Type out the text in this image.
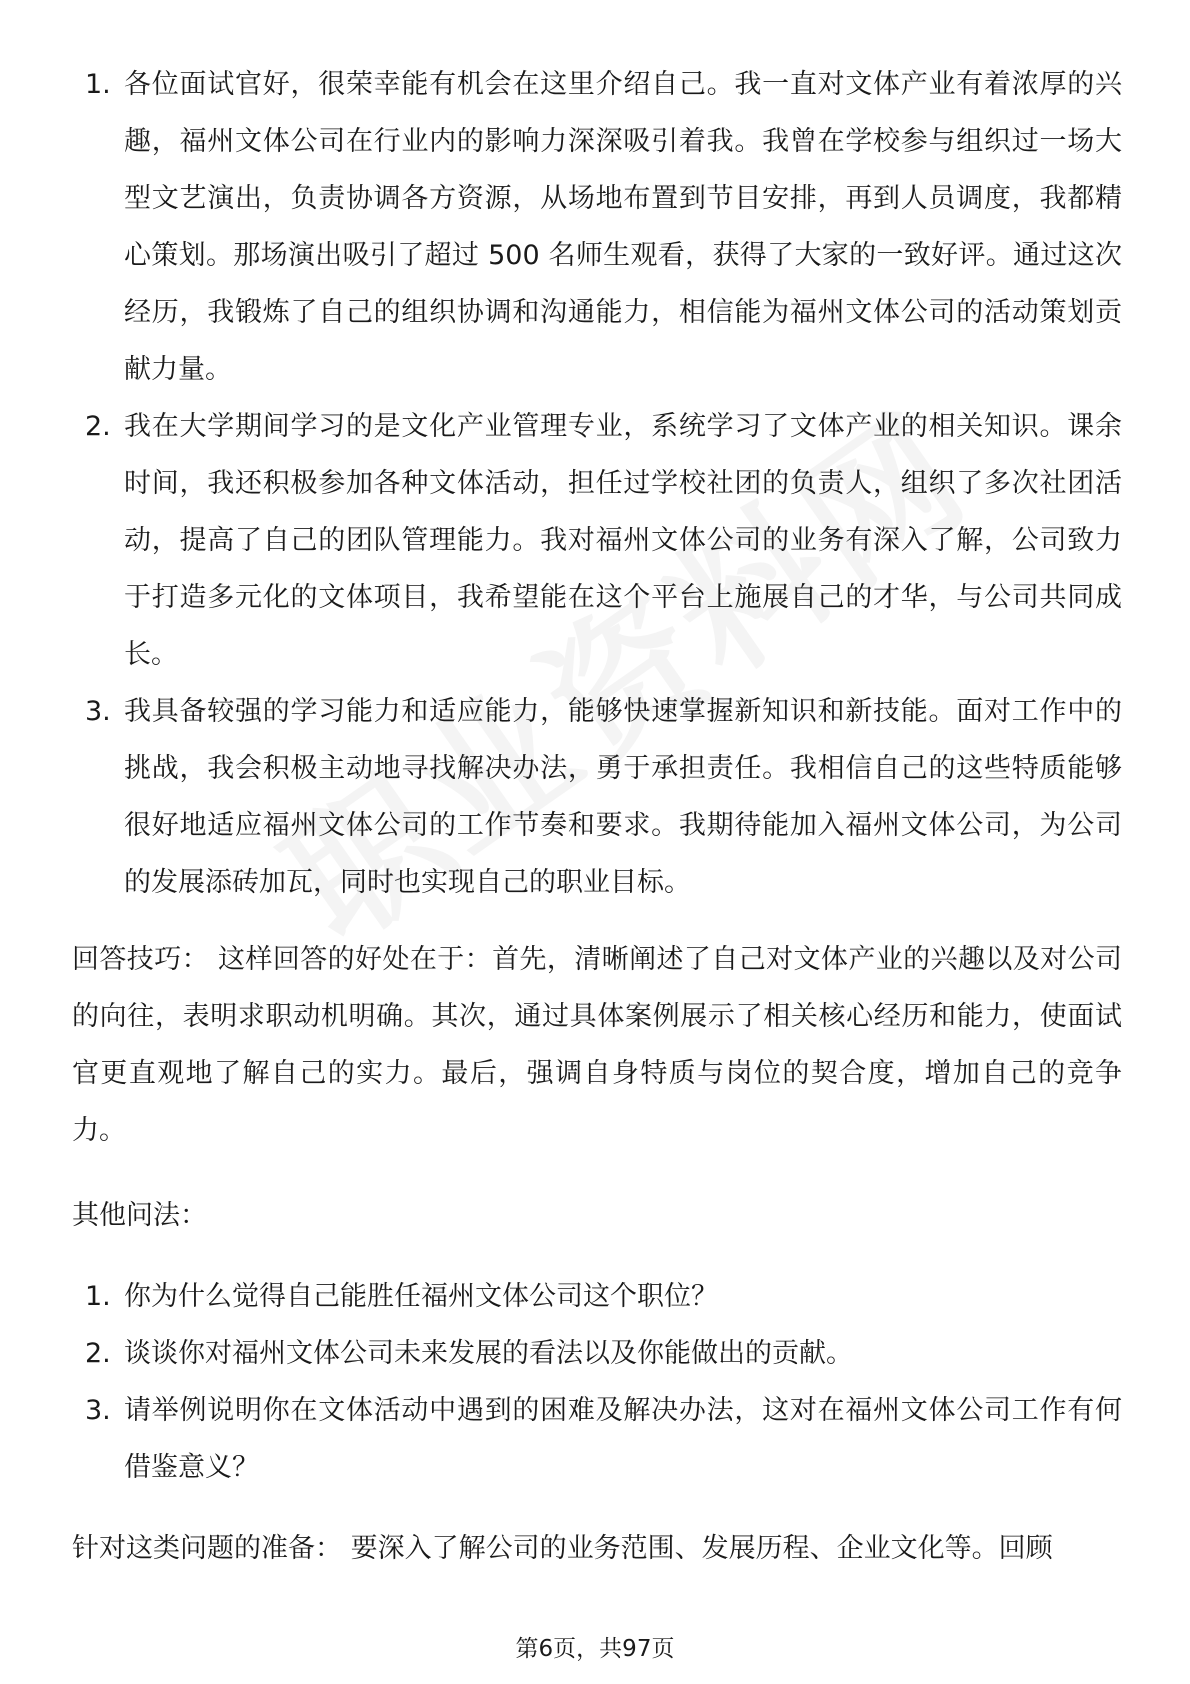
1. 各位面试官好，很荣幸能有机会在这里介绍自己。我一直对文体产业有着浓厚的兴趣，福州文体公司在行业内的影响力深深吸引着我。我曾在学校参与组织过一场大型文艺演出，负责协调各方资源，从场地布置到节目安排，再到人员调度，我都精心策划。那场演出吸引了超过 500 名师生观看，获得了大家的一致好评。通过这次经历，我锻炼了自己的组织协调和沟通能力，相信能为福州文体公司的活动策划贡献力量。
2. 我在大学期间学习的是文化产业管理专业，系统学习了文体产业的相关知识。课余时间，我还积极参加各种文体活动，担任过学校社团的负责人，组织了多次社团活动，提高了自己的团队管理能力。我对福州文体公司的业务有深入了解，公司致力于打造多元化的文体项目，我希望能在这个平台上施展自己的才华，与公司共同成长。
3. 我具备较强的学习能力和适应能力，能够快速掌握新知识和新技能。面对工作中的挑战，我会积极主动地寻找解决办法，勇于承担责任。我相信自己的这些特质能够很好地适应福州文体公司的工作节奏和要求。我期待能加入福州文体公司，为公司的发展添砖加瓦，同时也实现自己的职业目标。

回答技巧： 这样回答的好处在于：首先，清晰阐述了自己对文体产业的兴趣以及对公司的向往，表明求职动机明确。其次，通过具体案例展示了相关核心经历和能力，使面试官更直观地了解自己的实力。最后，强调自身特质与岗位的契合度，增加自己的竞争力。

其他问法：

1. 你为什么觉得自己能胜任福州文体公司这个职位？
2. 谈谈你对福州文体公司未来发展的看法以及你能做出的贡献。
3. 请举例说明你在文体活动中遇到的困难及解决办法，这对在福州文体公司工作有何借鉴意义？

针对这类问题的准备： 要深入了解公司的业务范围、发展历程、企业文化等。回顾

第6页，共97页
